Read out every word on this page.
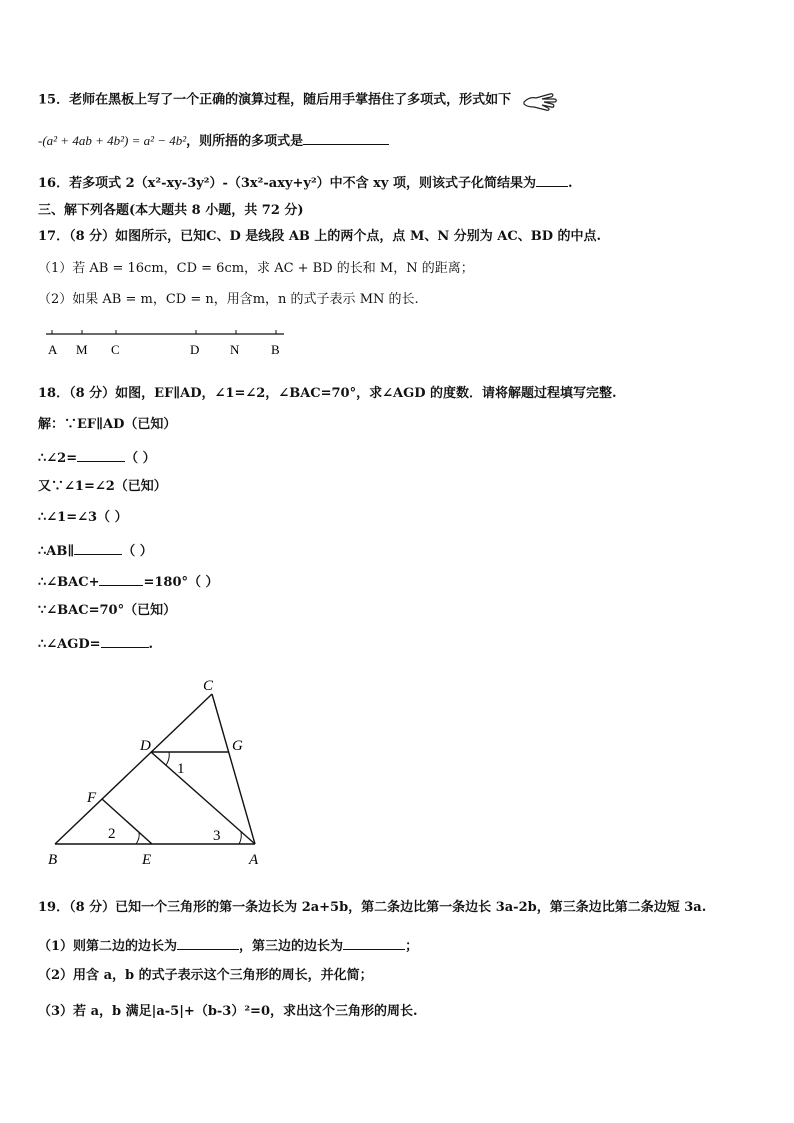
15．老师在黑板上写了一个正确的演算过程，随后用手掌捂住了多项式，形式如下
-(a² + 4ab + 4b²) = a² − 4b²，则所捂的多项式是
16．若多项式 2（x²-xy-3y²）-（3x²-axy+y²）中不含 xy 项，则该式子化简结果为 .
三、解下列各题(本大题共 8 小题，共 72 分)
17．（8 分）如图所示，已知C、D 是线段 AB 上的两个点，点 M、N 分别为 AC、BD 的中点.
（1）若 AB = 16cm，CD = 6cm，求 AC + BD 的长和 M，N 的距离；
（2）如果 AB = m，CD = n，用含m，n 的式子表示 MN 的长.
A M C	D N B
18．（8 分）如图，EF∥AD，∠1=∠2，∠BAC=70°，求∠AGD 的度数．请将解题过程填写完整.
解：∵EF∥AD（已知）
∴∠2=	（ ）
又∵∠1=∠2（已知）
∴∠1=∠3（ ）
∴AB∥	（ ）
∴∠BAC+	=180°（ ）
∵∠BAC=70°（已知）
∴∠AGD=	.
C
D	G
F
B	E	A
1
2	3
19．（8 分）已知一个三角形的第一条边长为 2a+5b，第二条边比第一条边长 3a-2b，第三条边比第二条边短 3a.
（1）则第二边的边长为	，第三边的边长为	；
（2）用含 a，b 的式子表示这个三角形的周长，并化简；
（3）若 a，b 满足|a-5|+（b-3）²=0，求出这个三角形的周长.
